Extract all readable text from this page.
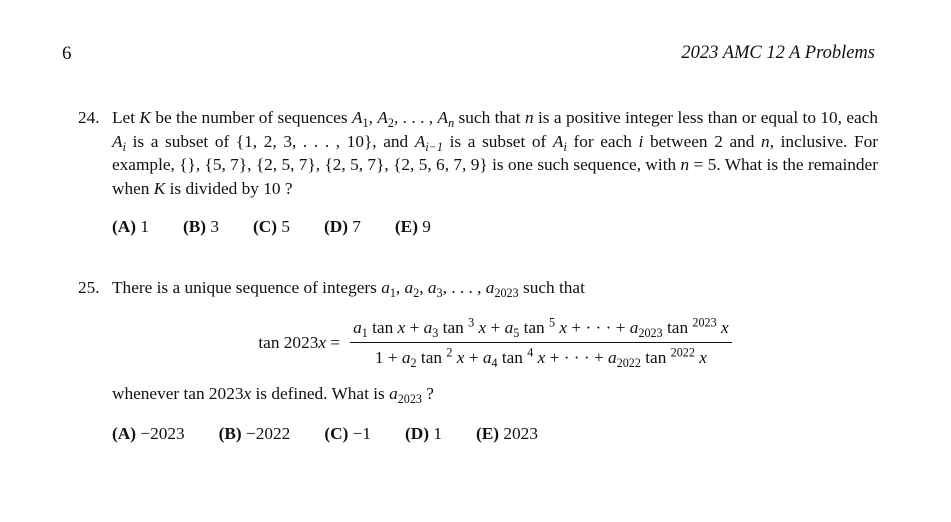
6	2023 AMC 12 A Problems
24. Let K be the number of sequences $A_1$, $A_2$, . . . , $A_n$ such that n is a positive integer less than or equal to 10, each $A_i$ is a subset of {1, 2, 3, . . . , 10}, and $A_{i-1}$ is a subset of $A_i$ for each i between 2 and n, inclusive. For example, {}, {5, 7}, {2, 5, 7}, {2, 5, 7}, {2, 5, 6, 7, 9} is one such sequence, with n = 5. What is the remainder when K is divided by 10 ?
(A) 1 (B) 3 (C) 5 (D) 7 (E) 9
25. There is a unique sequence of integers $a_1$, $a_2$, $a_3$, . . . , $a_{2023}$ such that
tan 2023x =
$a_1$ $\tan x + a_3$ tan $^3$ $x + a_5$ tan $^5$ x + · · · + $a_{2023}$ tan $^{2023}$ x
$1 + a_2$ tan $^2$ $x + a_4$ tan $^4$ x + · · · + $a_{2022}$ tan $^{2022}$ x
whenever tan 2023x is defined. What is $a_{2023}$ ?
(A) −2023 (B) −2022 (C) −1 (D) 1 (E) 2023
